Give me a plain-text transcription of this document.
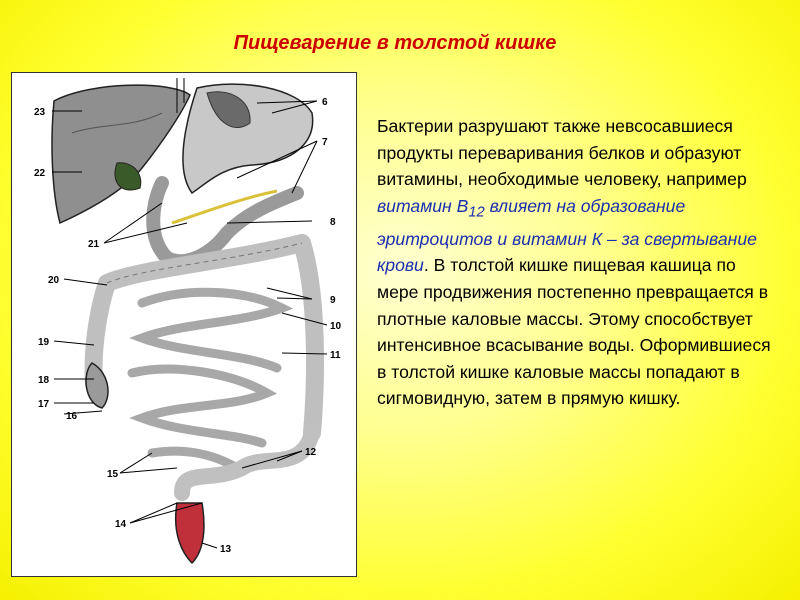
Пищеварение в толстой кишке
23
22
21
20
19
18
17
16
15
14
13
12
11
10
9
8
7
6

Бактерии разрушают также невсосавшиеся продукты переваривания белков и образуют витамины, необходимые человеку, например витамин $В_{12}$ влияет на образование эритроцитов и витамин К – за свертывание крови. В толстой кишке пищевая кашица по мере продвижения постепенно превращается в плотные каловые массы. Этому способствует интенсивное всасывание воды. Оформившиеся в толстой кишке каловые массы попадают в сигмовидную, затем в прямую кишку.
